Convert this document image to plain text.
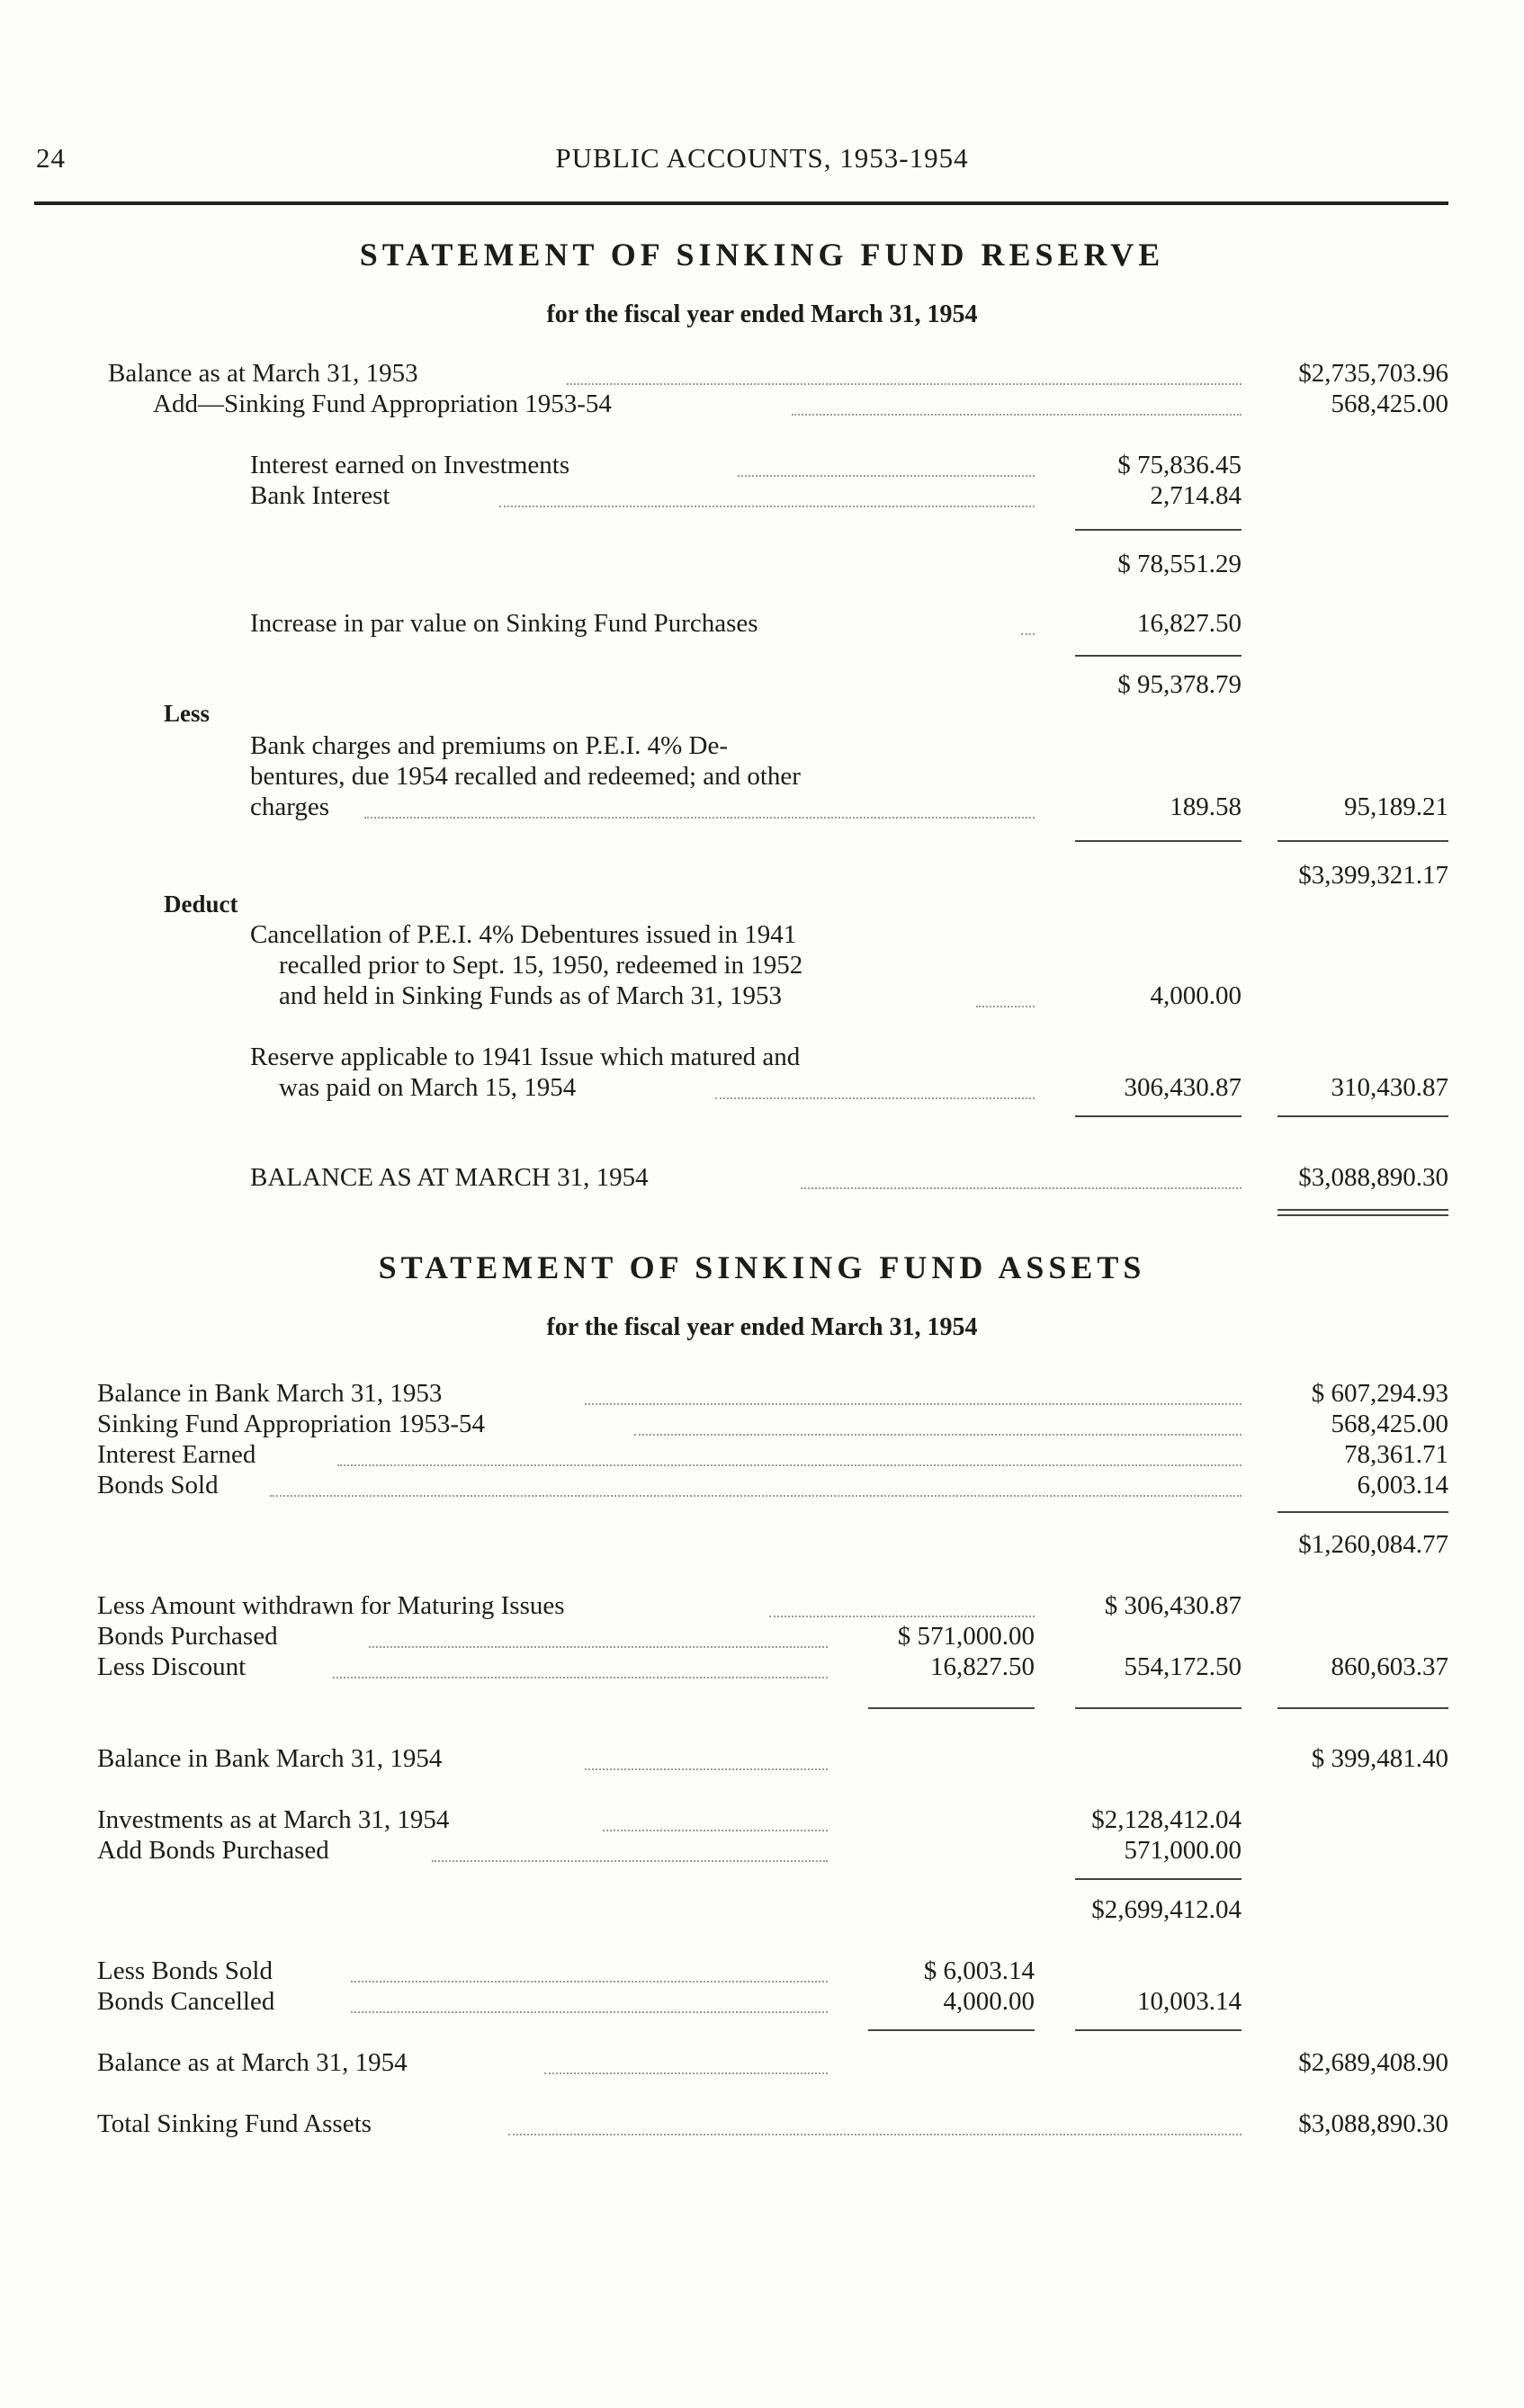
24	PUBLIC ACCOUNTS, 1953-1954
STATEMENT OF SINKING FUND RESERVE
for the fiscal year ended March 31, 1954
Balance as at March 31, 1953	$2,735,703.96
Add—Sinking Fund Appropriation 1953-54	568,425.00
Interest earned on Investments	$ 75,836.45
Bank Interest	2,714.84
$ 78,551.29
Increase in par value on Sinking Fund Purchases	16,827.50
$ 95,378.79
Less
Bank charges and premiums on P.E.I. 4% De-
bentures, due 1954 recalled and redeemed; and other
charges	189.58	95,189.21
$3,399,321.17
Deduct
Cancellation of P.E.I. 4% Debentures issued in 1941
recalled prior to Sept. 15, 1950, redeemed in 1952
and held in Sinking Funds as of March 31, 1953	4,000.00
Reserve applicable to 1941 Issue which matured and
was paid on March 15, 1954	306,430.87	310,430.87
BALANCE AS AT MARCH 31, 1954	$3,088,890.30
STATEMENT OF SINKING FUND ASSETS
for the fiscal year ended March 31, 1954
Balance in Bank March 31, 1953	$ 607,294.93
Sinking Fund Appropriation 1953-54	568,425.00
Interest Earned	78,361.71
Bonds Sold	6,003.14
$1,260,084.77
Less Amount withdrawn for Maturing Issues	$ 306,430.87
Bonds Purchased	$ 571,000.00
Less Discount	16,827.50	554,172.50	860,603.37
Balance in Bank March 31, 1954	$ 399,481.40
Investments as at March 31, 1954	$2,128,412.04
Add Bonds Purchased	571,000.00
$2,699,412.04
Less Bonds Sold	$ 6,003.14
Bonds Cancelled	4,000.00	10,003.14
Balance as at March 31, 1954	$2,689,408.90
Total Sinking Fund Assets	$3,088,890.30
